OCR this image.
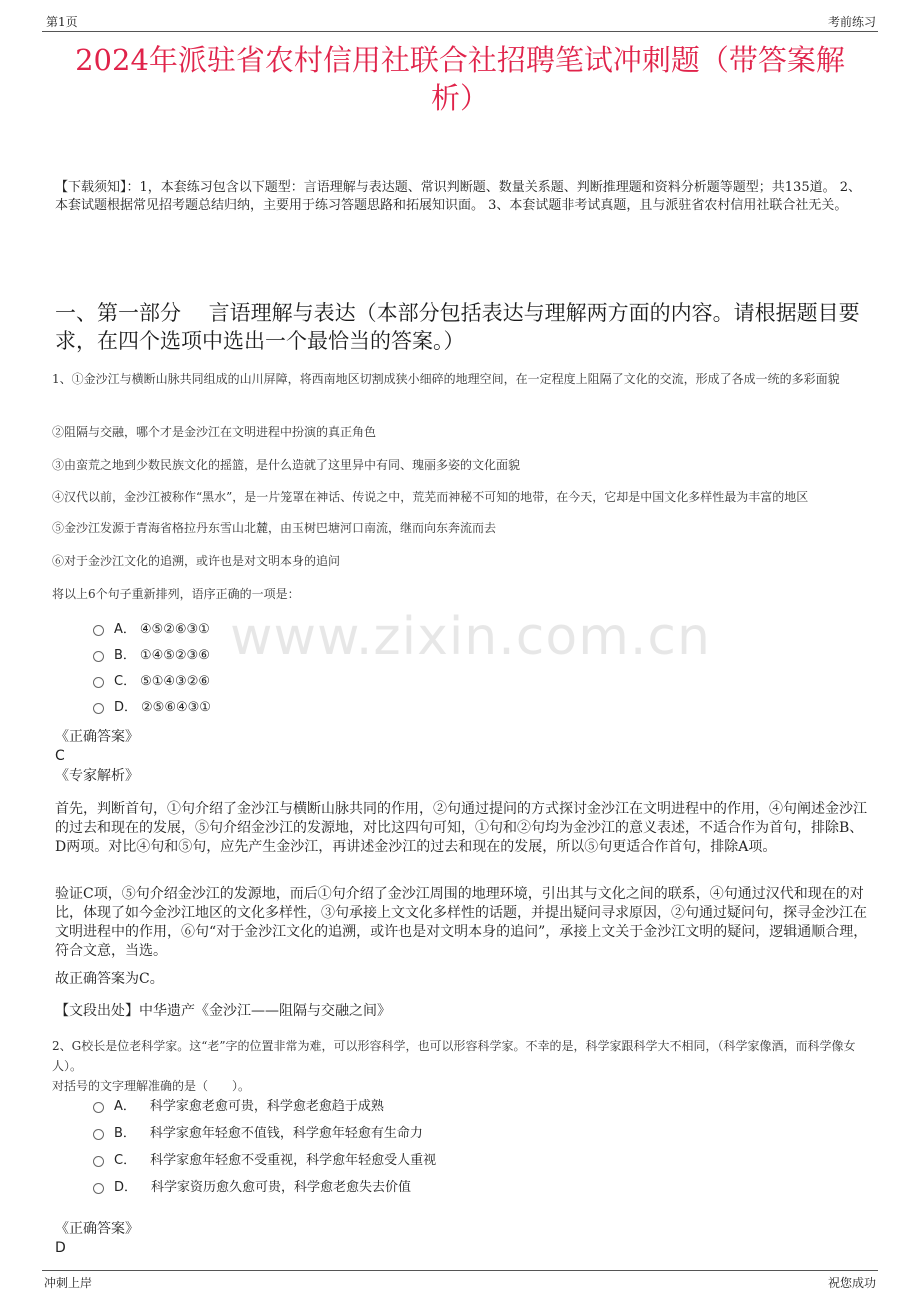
第1页	考前练习
2024年派驻省农村信用社联合社招聘笔试冲刺题（带答案解析）
【下载须知】：1，本套练习包含以下题型：言语理解与表达题、常识判断题、数量关系题、判断推理题和资料分析题等题型；共135道。 2、本套试题根据常见招考题总结归纳，主要用于练习答题思路和拓展知识面。 3、本套试题非考试真题，且与派驻省农村信用社联合社无关。
一、第一部分　 言语理解与表达（本部分包括表达与理解两方面的内容。请根据题目要求，在四个选项中选出一个最恰当的答案。）
1、①金沙江与横断山脉共同组成的山川屏障，将西南地区切割成狭小细碎的地理空间，在一定程度上阻隔了文化的交流，形成了各成一统的多彩面貌
②阻隔与交融，哪个才是金沙江在文明进程中扮演的真正角色
③由蛮荒之地到少数民族文化的摇篮，是什么造就了这里异中有同、瑰丽多姿的文化面貌
④汉代以前，金沙江被称作“黑水”，是一片笼罩在神话、传说之中，荒芜而神秘不可知的地带，在今天，它却是中国文化多样性最为丰富的地区
⑤金沙江发源于青海省格拉丹东雪山北麓，由玉树巴塘河口南流，继而向东奔流而去
⑥对于金沙江文化的追溯，或许也是对文明本身的追问
将以上6个句子重新排列，语序正确的一项是：
A． ④⑤②⑥③①
B． ①④⑤②③⑥
C． ⑤①④③②⑥
D． ②⑤⑥④③①
www.zixin.com.cn
《正确答案》
C
《专家解析》
首先，判断首句，①句介绍了金沙江与横断山脉共同的作用，②句通过提问的方式探讨金沙江在文明进程中的作用，④句阐述金沙江的过去和现在的发展，⑤句介绍金沙江的发源地，对比这四句可知，①句和②句均为金沙江的意义表述，不适合作为首句，排除B、D两项。对比④句和⑤句，应先产生金沙江，再讲述金沙江的过去和现在的发展，所以⑤句更适合作首句，排除A项。
验证C项，⑤句介绍金沙江的发源地，而后①句介绍了金沙江周围的地理环境，引出其与文化之间的联系，④句通过汉代和现在的对比，体现了如今金沙江地区的文化多样性，③句承接上文文化多样性的话题，并提出疑问寻求原因，②句通过疑问句，探寻金沙江在文明进程中的作用，⑥句“对于金沙江文化的追溯，或许也是对文明本身的追问”，承接上文关于金沙江文明的疑问，逻辑通顺合理，符合文意，当选。
故正确答案为C。
【文段出处】中华遗产《金沙江——阻隔与交融之间》
2、G校长是位老科学家。这“老”字的位置非常为难，可以形容科学，也可以形容科学家。不幸的是，科学家跟科学大不相同，（科学家像酒，而科学像女人）。
对括号的文字理解准确的是（　　）。
A． 科学家愈老愈可贵，科学愈老愈趋于成熟
B． 科学家愈年轻愈不值钱，科学愈年轻愈有生命力
C． 科学家愈年轻愈不受重视，科学愈年轻愈受人重视
D． 科学家资历愈久愈可贵，科学愈老愈失去价值
《正确答案》
D
冲刺上岸	祝您成功
